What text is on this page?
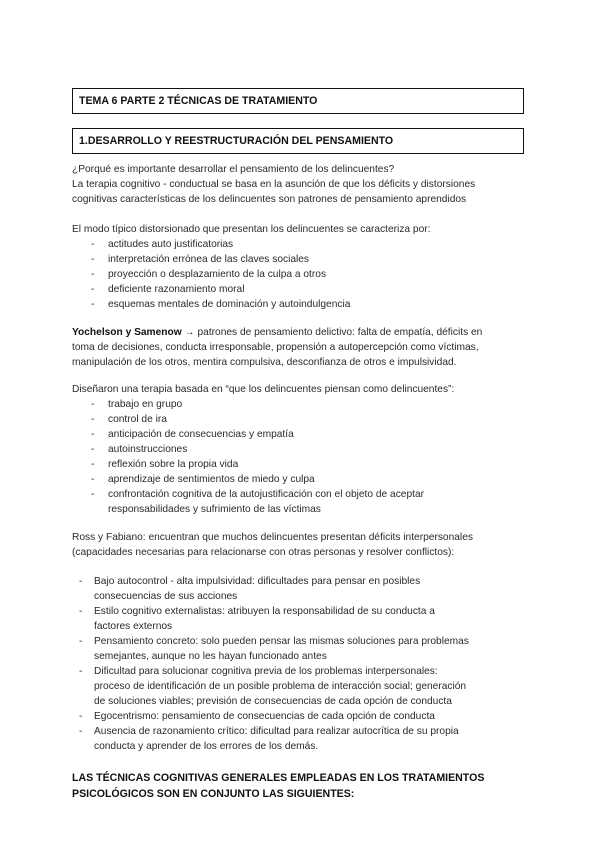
TEMA 6 PARTE 2 TÉCNICAS DE TRATAMIENTO
1.DESARROLLO Y REESTRUCTURACIÓN DEL PENSAMIENTO
¿Porqué es importante desarrollar el pensamiento de los delincuentes?
La terapia cognitivo - conductual se basa en la asunción de que los déficits y distorsiones
cognitivas características de los delincuentes son patrones de pensamiento aprendidos
El modo típico distorsionado que presentan los delincuentes se caracteriza por:
- actitudes auto justificatorias
- interpretación errónea de las claves sociales
- proyección o desplazamiento de la culpa a otros
- deficiente razonamiento moral
- esquemas mentales de dominación y autoindulgencia
Yochelson y Samenow → patrones de pensamiento delictivo: falta de empatía, déficits en
toma de decisiones, conducta irresponsable, propensión a autopercepción como víctimas,
manipulación de los otros, mentira compulsiva, desconfianza de otros e impulsividad.
Diseñaron una terapia basada en “que los delincuentes piensan como delincuentes”:
- trabajo en grupo
- control de ira
- anticipación de consecuencias y empatía
- autoinstrucciones
- reflexión sobre la propia vida
- aprendizaje de sentimientos de miedo y culpa
- confrontación cognitiva de la autojustificación con el objeto de aceptar
responsabilidades y sufrimiento de las víctimas
Ross y Fabiano: encuentran que muchos delincuentes presentan déficits interpersonales
(capacidades necesarias para relacionarse con otras personas y resolver conflictos):
- Bajo autocontrol - alta impulsividad: dificultades para pensar en posibles
consecuencias de sus acciones
- Estilo cognitivo externalistas: atribuyen la responsabilidad de su conducta a
factores externos
- Pensamiento concreto: solo pueden pensar las mismas soluciones para problemas
semejantes, aunque no les hayan funcionado antes
- Dificultad para solucionar cognitiva previa de los problemas interpersonales:
proceso de identificación de un posible problema de interacción social; generación
de soluciones viables; previsión de consecuencias de cada opción de conducta
- Egocentrismo: pensamiento de consecuencias de cada opción de conducta
- Ausencia de razonamiento crítico: dificultad para realizar autocrítica de su propia
conducta y aprender de los errores de los demás.
LAS TÉCNICAS COGNITIVAS GENERALES EMPLEADAS EN LOS TRATAMIENTOS
PSICOLÓGICOS SON EN CONJUNTO LAS SIGUIENTES:
